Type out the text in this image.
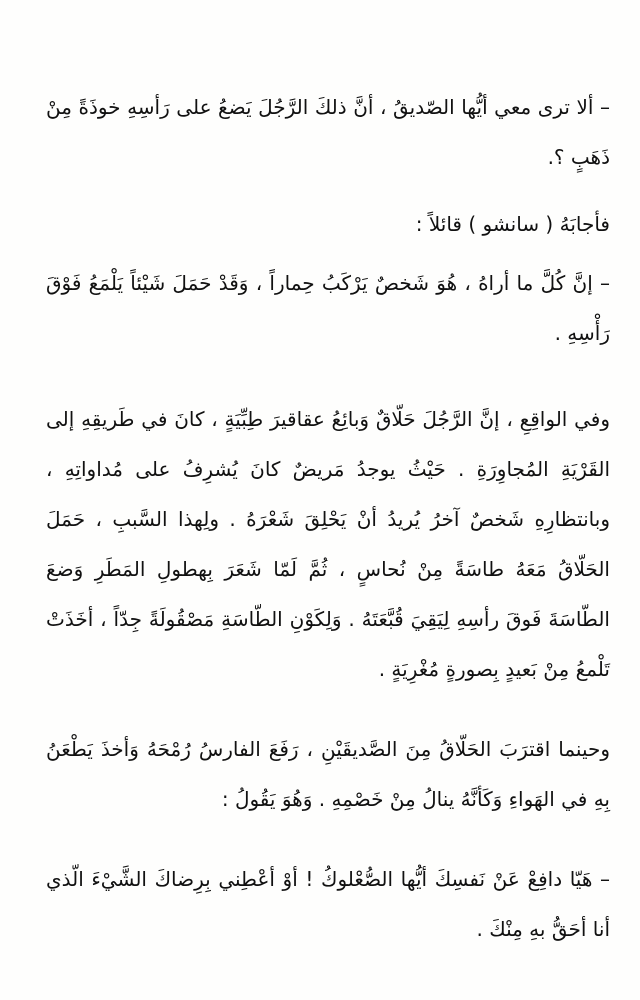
– ألا ترى معي أيُّها الصّديقُ ، أنَّ ذلكَ الرَّجُلَ يَضعُ على رَأسِهِ خوذَةً مِنْ ذَهَبٍ ؟.

فأجابَهُ ( سانشو ) قائلاً :

– إنَّ كُلَّ ما أراهُ ، هُوَ شَخصٌ يَرْكَبُ حِماراً ، وَقَدْ حَمَلَ شَيْئاً يَلْمَعُ فَوْقَ رَأْسِهِ .

وفي الواقِعِ ، إنَّ الرَّجُلَ حَلّاقٌ وَبائِعُ عقاقيرَ طِبِّيَةٍ ، كانَ في طَريقِهِ إلى القَرْيَةِ المُجاوِرَةِ . حَيْثُ يوجدُ مَريضٌ كانَ يُشرِفُ على مُداواتِهِ ، وبانتظارِهِ شَخصٌ آخرُ يُريدُ أنْ يَحْلِقَ شَعْرَهُ . ولِهذا السَّببِ ، حَمَلَ الحَلّاقُ مَعَهُ طاسَةً مِنْ نُحاسٍ ، ثُمَّ لَمّا شَعَرَ بِهطولِ المَطَرِ وَضعَ الطّاسَةَ فَوقَ رأسِهِ لِيَقِيَ قُبَّعَتَهُ . وَلِكَوْنِ الطّاسَةِ مَصْقُولَةً جِدّاً ، أخَذَتْ تَلْمعُ مِنْ بَعيدٍ بِصورةٍ مُغْرِيَةٍ .

وحينما اقترَبَ الحَلّاقُ مِنَ الصَّديقَيْنِ ، رَفَعَ الفارسُ رُمْحَهُ وَأخذَ يَطْعَنُ بِهِ في الهَواءِ وَكَأنَّهُ ينالُ مِنْ خَصْمِهِ . وَهُوَ يَقُولُ :

– هَيّا دافِعْ عَنْ نَفسِكَ أيُّها الصُّعْلوكُ ! أوْ أعْطِني بِرِضاكَ الشَّيْءَ الّذي أنا أحَقُّ بهِ مِنْكَ .
